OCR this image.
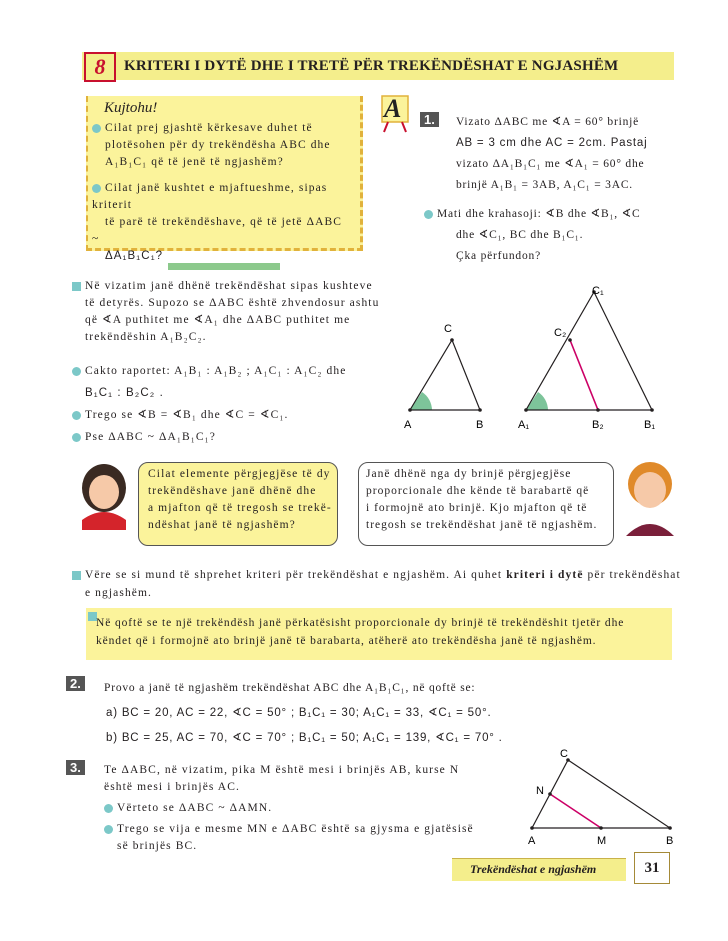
8	KRITERI I DYTË DHE I TRETË PËR TREKËNDËSHAT E NGJASHËM
Kujtohu!
Cilat prej gjashtë kërkesave duhet të
plotësohen për dy trekëndësha ABC dhe
A₁B₁C₁ që të jenë të ngjashëm?
Cilat janë kushtet e mjaftueshme, sipas kriterit
të parë të trekëndëshave, që të jetë ΔABC ~
ΔA₁B₁C₁?
A	1.	Vizato ΔABC me ∢A = 60° brinjë
AB = 3 cm dhe AC = 2cm. Pastaj
vizato ΔA₁B₁C₁ me ∢A₁ = 60° dhe
brinjë A₁B₁ = 3AB, A₁C₁ = 3AC.
Mati dhe krahasoji: ∢B dhe ∢B₁, ∢C
dhe ∢C₁, BC dhe B₁C₁.
Çka përfundon?
Në vizatim janë dhënë trekëndëshat sipas kushteve
të detyrës. Supozo se ΔABC është zhvendosur ashtu
që ∢A puthitet me ∢A₁ dhe ΔABC puthitet me
trekëndëshin A₁B₂C₂.
Cakto raportet: A₁B₁ : A₁B₂ ; A₁C₁ : A₁C₂ dhe
B₁C₁ : B₂C₂ .
Trego se ∢B = ∢B₁ dhe ∢C = ∢C₁.
Pse ΔABC ~ ΔA₁B₁C₁?
A	B
C
A₁	B₁
B₂
C₁
C₂
Cilat elemente përgjegjëse të dy
trekëndëshave janë dhënë dhe
a mjafton që të tregosh se trekë-
ndëshat janë të ngjashëm?
Janë dhënë nga dy brinjë përgjegjëse
proporcionale dhe kënde të barabartë që
i formojnë ato brinjë. Kjo mjafton që të
tregosh se trekëndëshat janë të ngjashëm.
Vëre se si mund të shprehet kriteri për trekëndëshat e ngjashëm. Ai quhet kriteri i dytë për trekëndëshat
e ngjashëm.
Në qoftë se te një trekëndësh janë përkatësisht proporcionale dy brinjë të trekëndëshit tjetër dhe
këndet që i formojnë ato brinjë janë të barabarta, atëherë ato trekëndësha janë të ngjashëm.
2.	Provo a janë të ngjashëm trekëndëshat ABC dhe A₁B₁C₁, në qoftë se:
a) BC = 20, AC = 22, ∢C = 50° ; B₁C₁ = 30; A₁C₁ = 33, ∢C₁ = 50°.
b) BC = 25, AC = 70, ∢C = 70° ; B₁C₁ = 50; A₁C₁ = 139, ∢C₁ = 70° .
3.	Te ΔABC, në vizatim, pika M është mesi i brinjës AB, kurse N
është mesi i brinjës AC.
Vërteto se ΔABC ~ ΔAMN.
Trego se vija e mesme MN e ΔABC është sa gjysma e gjatësisë
së brinjës BC.	A	B
C
M
N
Trekëndëshat e ngjashëm	31
